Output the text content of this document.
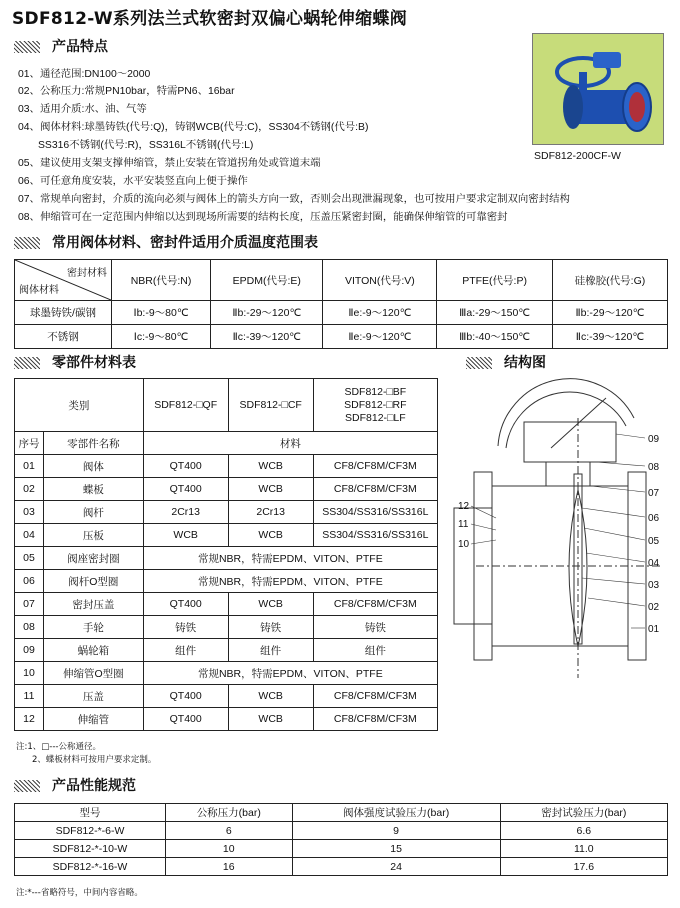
SDF812-W系列法兰式软密封双偏心蜗轮伸缩蝶阀
产品特点
01、通径范围:DN100～2000
02、公称压力:常规PN10bar，特需PN6、16bar
03、适用介质:水、油、气等
04、阀体材料:球墨铸铁(代号:Q)，铸钢WCB(代号:C)，SS304不锈钢(代号:B)
SS316不锈钢(代号:R)，SS316L不锈钢(代号:L)
05、建议使用支架支撑伸缩管，禁止安装在管道拐角处或管道末端
06、可任意角度安装，水平安装竖直向上便于操作
07、常规单向密封，介质的流向必须与阀体上的箭头方向一致，否则会出现泄漏现象，也可按用户要求定制双向密封结构
08、伸缩管可在一定范围内伸缩以达到现场所需要的结构长度，压盖压紧密封圈，能确保伸缩管的可靠密封
SDF812-200CF-W
常用阀体材料、密封件适用介质温度范围表
密封材料
阀体材料	NBR(代号:N)	EPDM(代号:E)	VITON(代号:V)	PTFE(代号:P)	硅橡胶(代号:G)
球墨铸铁/碳钢	Ⅰb:-9～80℃	Ⅱb:-29～120℃	Ⅱe:-9～120℃	Ⅲa:-29～150℃	Ⅱb:-29～120℃
不锈钢	Ⅰc:-9～80℃	Ⅱc:-39～120℃	Ⅱe:-9～120℃	Ⅲb:-40～150℃	Ⅱc:-39～120℃
零部件材料表	结构图
类别		SDF812-□QF	SDF812-□CF	SDF812-□BF
SDF812-□RF
SDF812-□LF

序号	零部件名称	材料		
01	阀体	QT400	WCB	CF8/CF8M/CF3M
02	蝶板	QT400	WCB	CF8/CF8M/CF3M
03	阀杆	2Cr13	2Cr13	SS304/SS316/SS316L
04	压板	WCB	WCB	SS304/SS316/SS316L
05	阀座密封圈	常规NBR，特需EPDM、VITON、PTFE		
06	阀杆O型圈	常规NBR，特需EPDM、VITON、PTFE		
07	密封压盖	QT400	WCB	CF8/CF8M/CF3M
08	手轮	铸铁	铸铁	铸铁
09	蜗轮箱	组件	组件	组件
10	伸缩管O型圈	常规NBR，特需EPDM、VITON、PTFE		
11	压盖	QT400	WCB	CF8/CF8M/CF3M
12	伸缩管	QT400	WCB	CF8/CF8M/CF3M
注:1、□---公称通径。
2、蝶板材料可按用户要求定制。
09
08
07
06
05
04
03
02
01
12
11
10
产品性能规范
型号	公称压力(bar)	阀体强度试验压力(bar)	密封试验压力(bar)
SDF812-*-6-W	6	9	6.6
SDF812-*-10-W	10	15	11.0
SDF812-*-16-W	16	24	17.6
注:*---省略符号，中间内容省略。
